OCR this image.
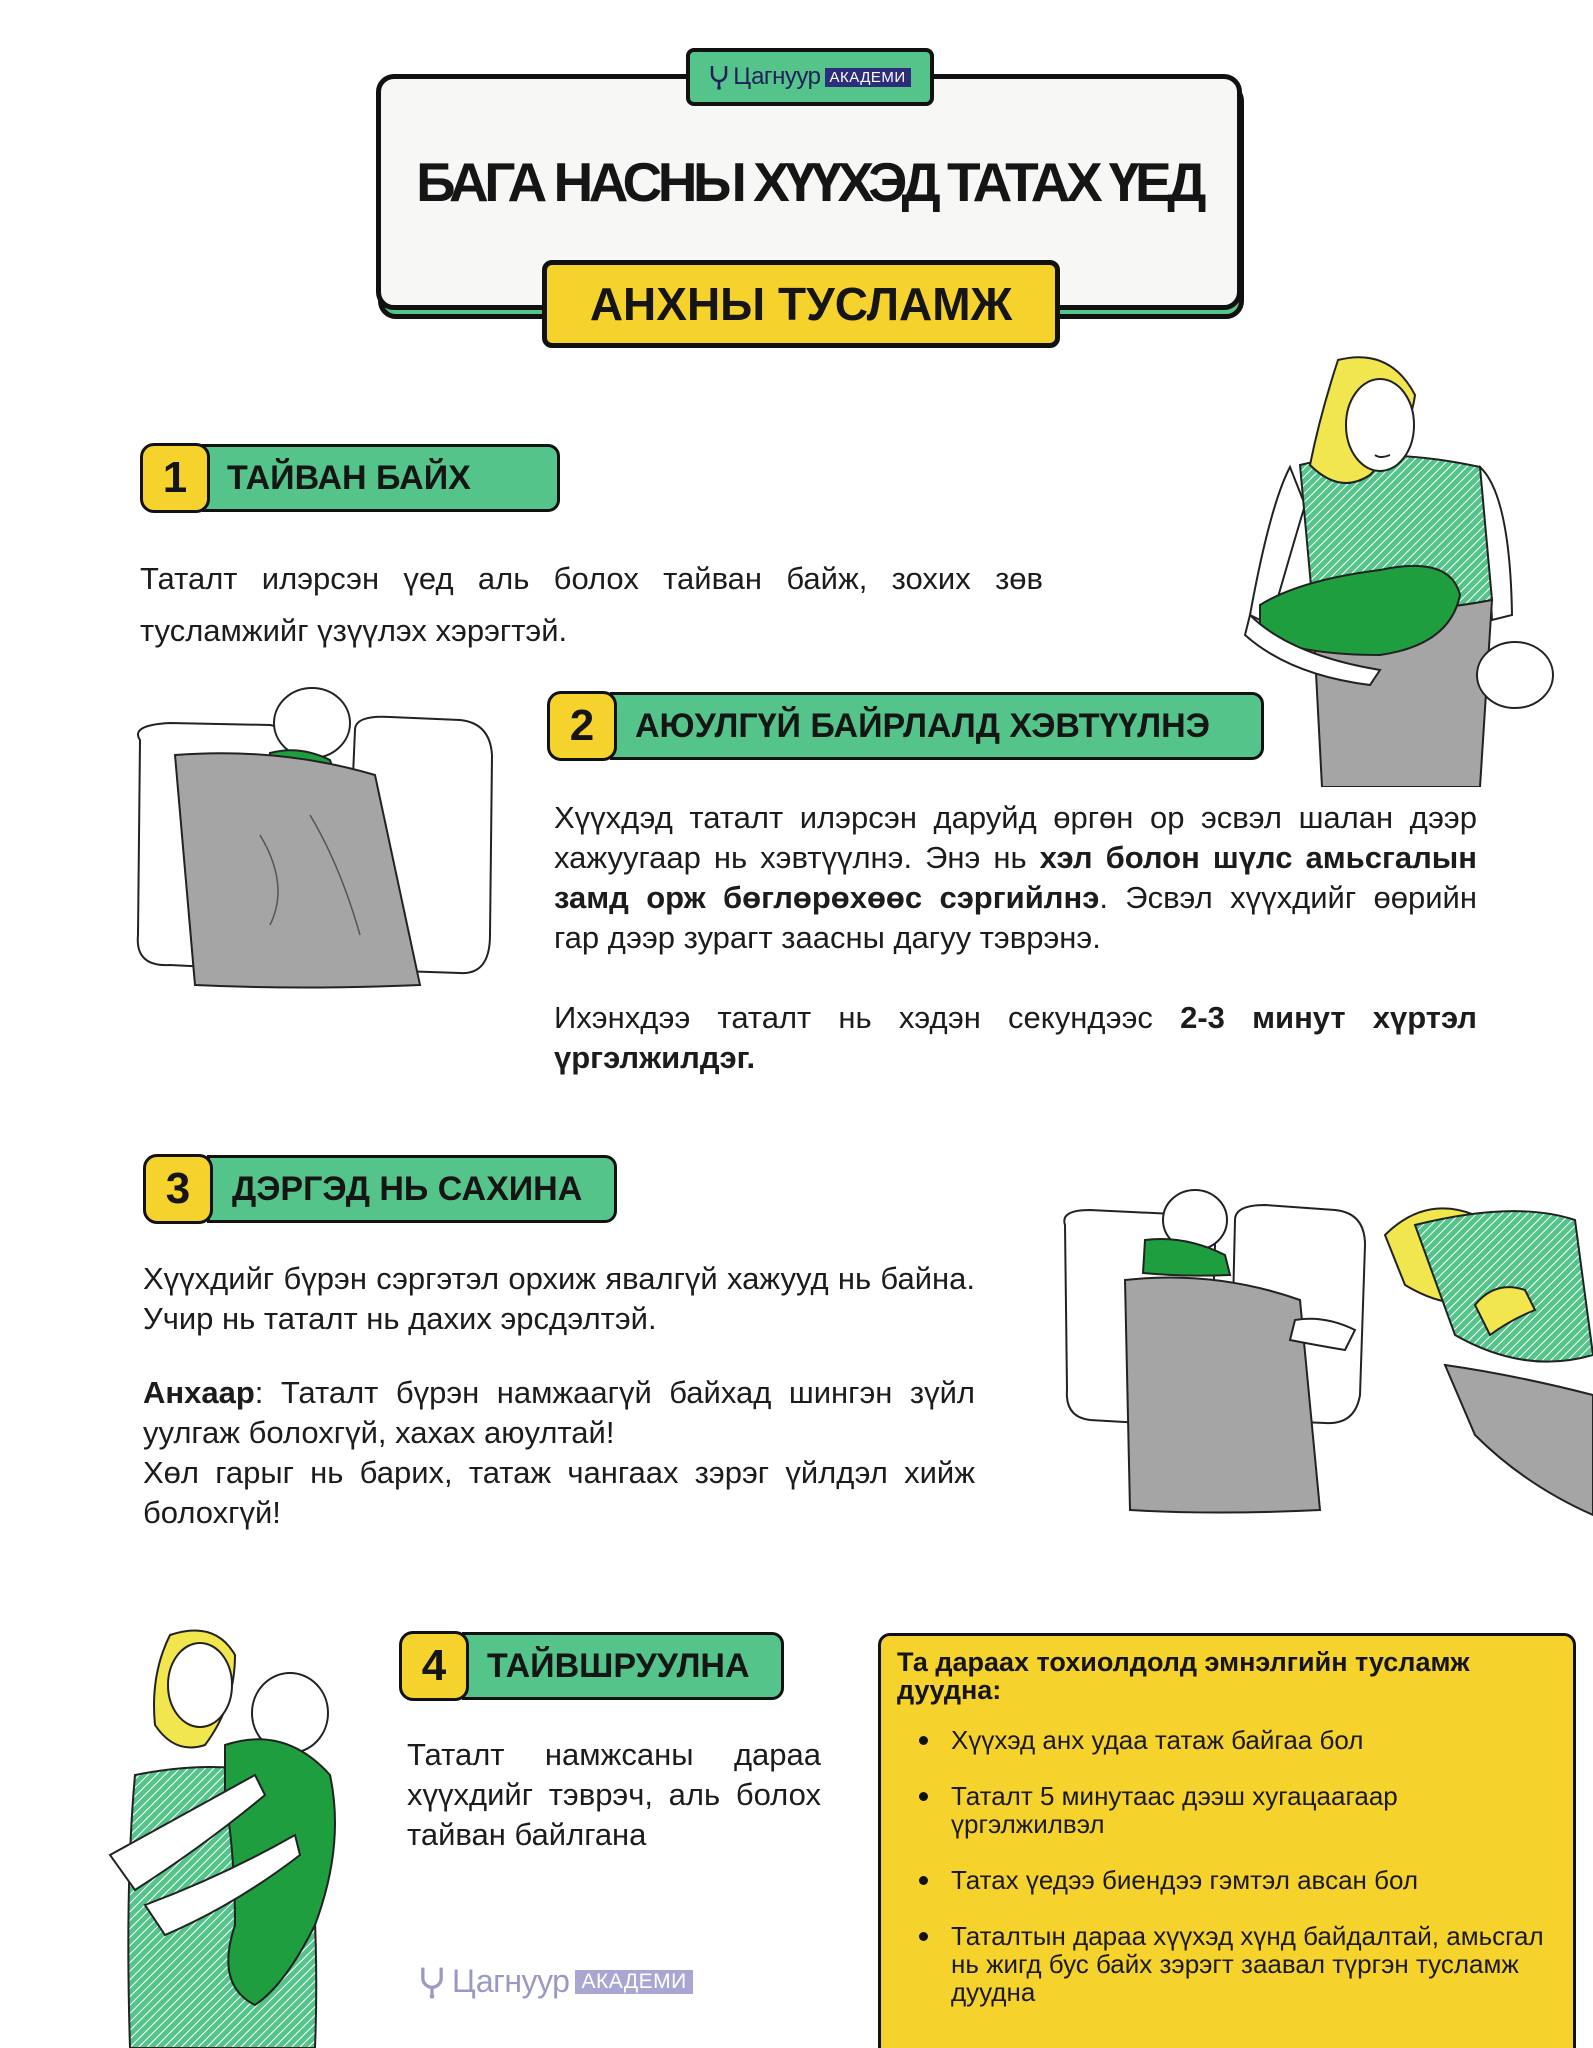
БАГА НАСНЫ ХҮҮХЭД ТАТАХ ҮЕД
Цагнуур АКАДЕМИ
АНХНЫ ТУСЛАМЖ
ТАЙВАН БАЙХ
1
Таталт илэрсэн үед аль болох тайван байж, зохих зөв тусламжийг үзүүлэх хэрэгтэй.
АЮУЛГҮЙ БАЙРЛАЛД ХЭВТҮҮЛНЭ
2
Хүүхдэд таталт илэрсэн даруйд өргөн ор эсвэл шалан дээр хажуугаар нь хэвтүүлнэ. Энэ нь хэл болон шүлс амьсгалын замд орж бөглөрөхөөс сэргийлнэ. Эсвэл хүүхдийг өөрийн гар дээр зурагт заасны дагуу тэврэнэ.
Ихэнхдээ таталт нь хэдэн секундээс 2-3 минут хүртэл үргэлжилдэг.
ДЭРГЭД НЬ САХИНА
3
Хүүхдийг бүрэн сэргэтэл орхиж явалгүй хажууд нь байна. Учир нь таталт нь дахих эрсдэлтэй.
Анхаар: Таталт бүрэн намжаагүй байхад шингэн зүйл уулгаж болохгүй, хахах аюултай!
Хөл гарыг нь барих, татаж чангаах зэрэг үйлдэл хийж болохгүй!
ТАЙВШРУУЛНА
4
Таталт намжсаны дараа хүүхдийг тэврэч, аль болох тайван байлгана
Та дараах тохиолдолд эмнэлгийн тусламж дуудна:
Хүүхэд анх удаа татаж байгаа бол
Таталт 5 минутаас дээш хугацаагаар үргэлжилвэл
Татах үедээ биендээ гэмтэл авсан бол
Таталтын дараа хүүхэд хүнд байдалтай, амьсгал нь жигд бус байх зэрэгт заавал түргэн тусламж дуудна
Цагнуур АКАДЕМИ
